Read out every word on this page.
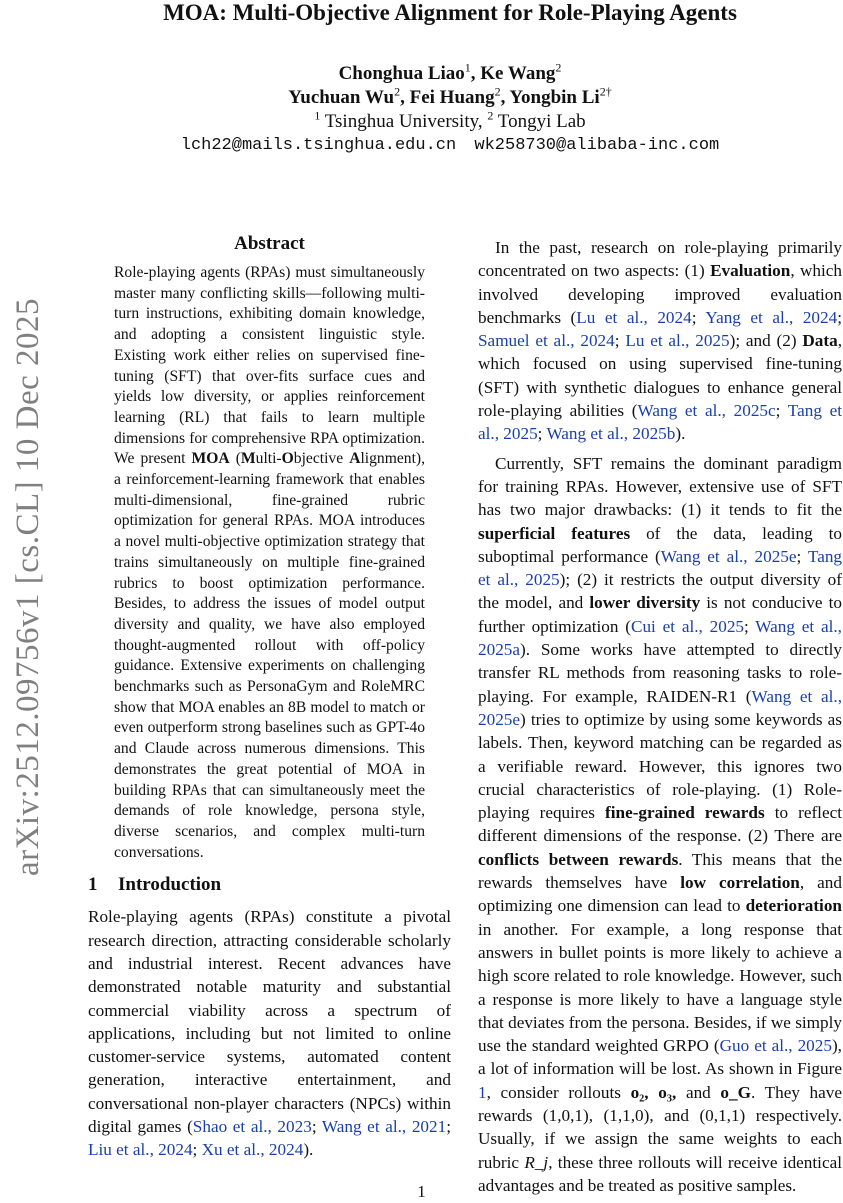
arXiv:2512.09756v1 [cs.CL] 10 Dec 2025
MOA: Multi-Objective Alignment for Role-Playing Agents
Chonghua Liao$^1$, Ke Wang$^2$
Yuchuan Wu$^2$, Fei Huang$^2$, Yongbin $Li^{2\dagger}$
$^1$ Tsinghua University, $^2$ Tongyi Lab
lch22@mails.tsinghua.edu.cn wk258730@alibaba-inc.com
Abstract
Role-playing agents (RPAs) must simultaneously master many conflicting skills—following multi-turn instructions, exhibiting domain knowledge, and adopting a consistent linguistic style. Existing work either relies on supervised fine-tuning (SFT) that over-fits surface cues and yields low diversity, or applies reinforcement learning (RL) that fails to learn multiple dimensions for comprehensive RPA optimization. We present MOA (Multi-Objective Alignment), a reinforcement-learning framework that enables multi-dimensional, fine-grained rubric optimization for general RPAs. MOA introduces a novel multi-objective optimization strategy that trains simultaneously on multiple fine-grained rubrics to boost optimization performance. Besides, to address the issues of model output diversity and quality, we have also employed thought-augmented rollout with off-policy guidance. Extensive experiments on challenging benchmarks such as PersonaGym and RoleMRC show that MOA enables an 8B model to match or even outperform strong baselines such as GPT-4o and Claude across numerous dimensions. This demonstrates the great potential of MOA in building RPAs that can simultaneously meet the demands of role knowledge, persona style, diverse scenarios, and complex multi-turn conversations.
1 Introduction

Role-playing agents (RPAs) constitute a pivotal research direction, attracting considerable scholarly and industrial interest. Recent advances have demonstrated notable maturity and substantial commercial viability across a spectrum of applications, including but not limited to online customer-service systems, automated content generation, interactive entertainment, and conversational non-player characters (NPCs) within digital games (Shao et al., 2023; Wang et al., 2021; Liu et al., 2024; Xu et al., 2024).

In the past, research on role-playing primarily concentrated on two aspects: (1) Evaluation, which involved developing improved evaluation benchmarks (Lu et al., 2024; Yang et al., 2024; Samuel et al., 2024; Lu et al., 2025); and (2) Data, which focused on using supervised fine-tuning (SFT) with synthetic dialogues to enhance general role-playing abilities (Wang et al., 2025c; Tang et al., 2025; Wang et al., 2025b).

Currently, SFT remains the dominant paradigm for training RPAs. However, extensive use of SFT has two major drawbacks: (1) it tends to fit the superficial features of the data, leading to suboptimal performance (Wang et al., 2025e; Tang et al., 2025); (2) it restricts the output diversity of the model, and lower diversity is not conducive to further optimization (Cui et al., 2025; Wang et al., 2025a). Some works have attempted to directly transfer RL methods from reasoning tasks to role-playing. For example, RAIDEN-R1 (Wang et al., 2025e) tries to optimize by using some keywords as labels. Then, keyword matching can be regarded as a verifiable reward. However, this ignores two crucial characteristics of role-playing. (1) Role-playing requires fine-grained rewards to reflect different dimensions of the response. (2) There are conflicts between rewards. This means that the rewards themselves have low correlation, and optimizing one dimension can lead to deterioration in another. For example, a long response that answers in bullet points is more likely to achieve a high score related to role knowledge. However, such a response is more likely to have a language style that deviates from the persona. Besides, if we simply use the standard weighted GRPO (Guo et al., 2025), a lot of information will be lost. As shown in Figure 1, consider rollouts o₂, o₃, and o_G. They have rewards (1,0,1), (1,1,0), and (0,1,1) respectively. Usually, if we assign the same weights to each rubric R_j, these three rollouts will receive identical advantages and be treated as positive samples.

1
